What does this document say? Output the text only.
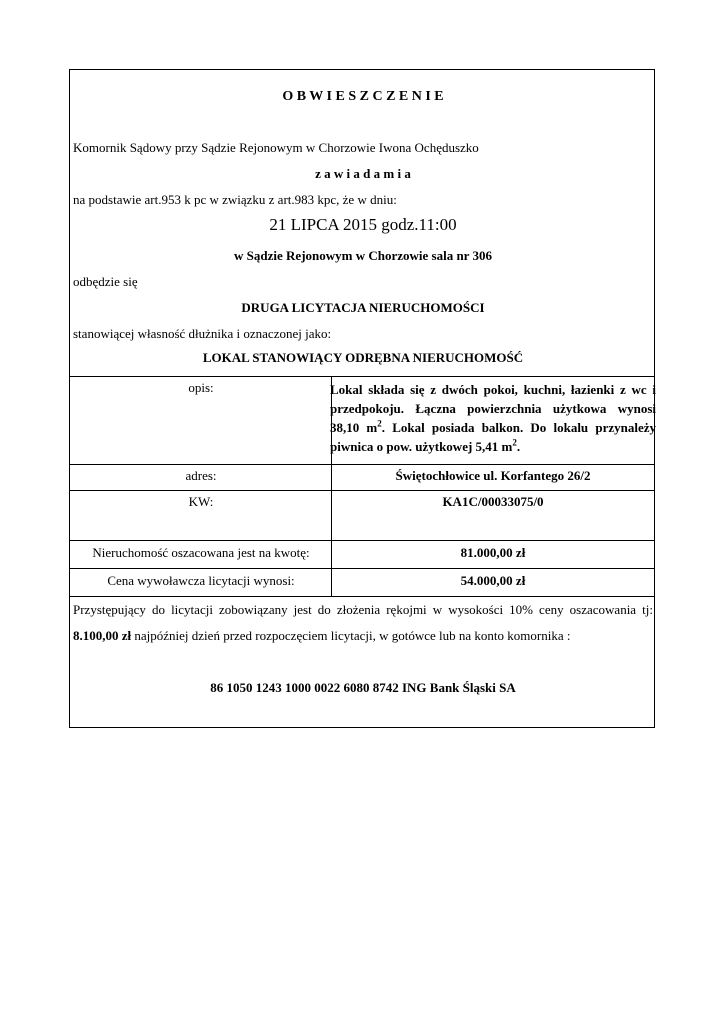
O B W I E S Z C Z E N I E
Komornik Sądowy przy Sądzie Rejonowym w Chorzowie Iwona Ochęduszko
z a w i a d a m i a
na podstawie art.953 k pc w związku z art.983 kpc, że w dniu:
21 LIPCA 2015 godz.11:00
w Sądzie Rejonowym w Chorzowie sala nr 306
odbędzie się
DRUGA LICYTACJA NIERUCHOMOŚCI
stanowiącej własność dłużnika i oznaczonej jako:
LOKAL STANOWIĄCY ODRĘBNA NIERUCHOMOŚĆ
opis:	Lokal składa się z dwóch pokoi, kuchni, łazienki z wc i przedpokoju. Łączna powierzchnia użytkowa wynosi 38,10 $m^2$. Lokal posiada balkon. Do lokalu przynależy piwnica o pow. użytkowej 5,41 $m^2$.
adres:	Świętochłowice ul. Korfantego 26/2
KW:	KA1C/00033075/0
Nieruchomość oszacowana jest na kwotę:	81.000,00 zł
Cena wywoławcza licytacji wynosi:	54.000,00 zł
Przystępujący do licytacji zobowiązany jest do złożenia rękojmi w wysokości 10% ceny oszacowania tj: 8.100,00 zł najpóźniej dzień przed rozpoczęciem licytacji, w gotówce lub na konto komornika :
86 1050 1243 1000 0022 6080 8742 ING Bank Śląski SA
